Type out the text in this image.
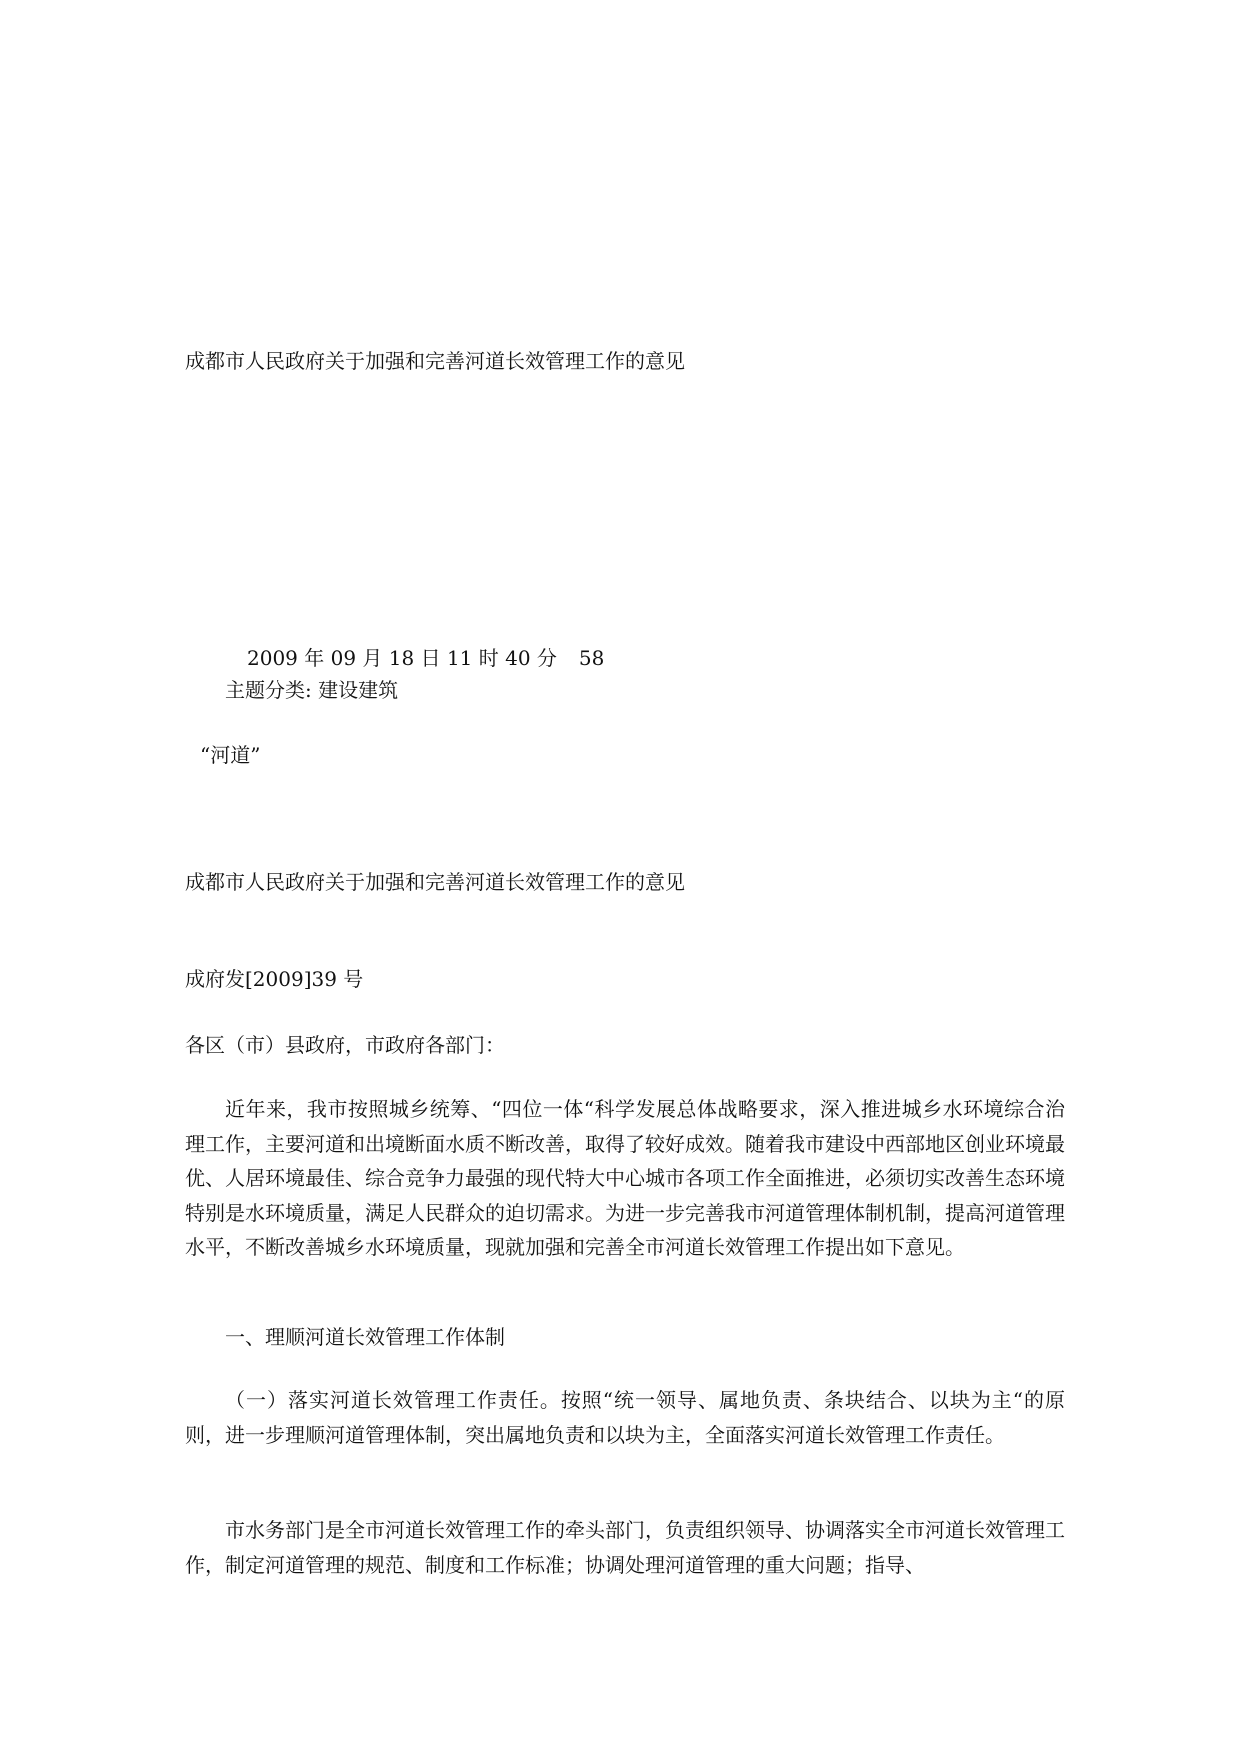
成都市人民政府关于加强和完善河道长效管理工作的意见

2009 年 09 月 18 日 11 时 40 分 58

主题分类: 建设建筑

“河道”

成都市人民政府关于加强和完善河道长效管理工作的意见

成府发[2009]39 号

各区（市）县政府，市政府各部门：

近年来，我市按照城乡统筹、“四位一体“科学发展总体战略要求，深入推进城乡水环境综合治理工作，主要河道和出境断面水质不断改善，取得了较好成效。随着我市建设中西部地区创业环境最优、人居环境最佳、综合竞争力最强的现代特大中心城市各项工作全面推进，必须切实改善生态环境特别是水环境质量，满足人民群众的迫切需求。为进一步完善我市河道管理体制机制，提高河道管理水平，不断改善城乡水环境质量，现就加强和完善全市河道长效管理工作提出如下意见。

一、理顺河道长效管理工作体制

（一）落实河道长效管理工作责任。按照“统一领导、属地负责、条块结合、以块为主“的原则，进一步理顺河道管理体制，突出属地负责和以块为主，全面落实河道长效管理工作责任。

市水务部门是全市河道长效管理工作的牵头部门，负责组织领导、协调落实全市河道长效管理工作，制定河道管理的规范、制度和工作标准；协调处理河道管理的重大问题；指导、
